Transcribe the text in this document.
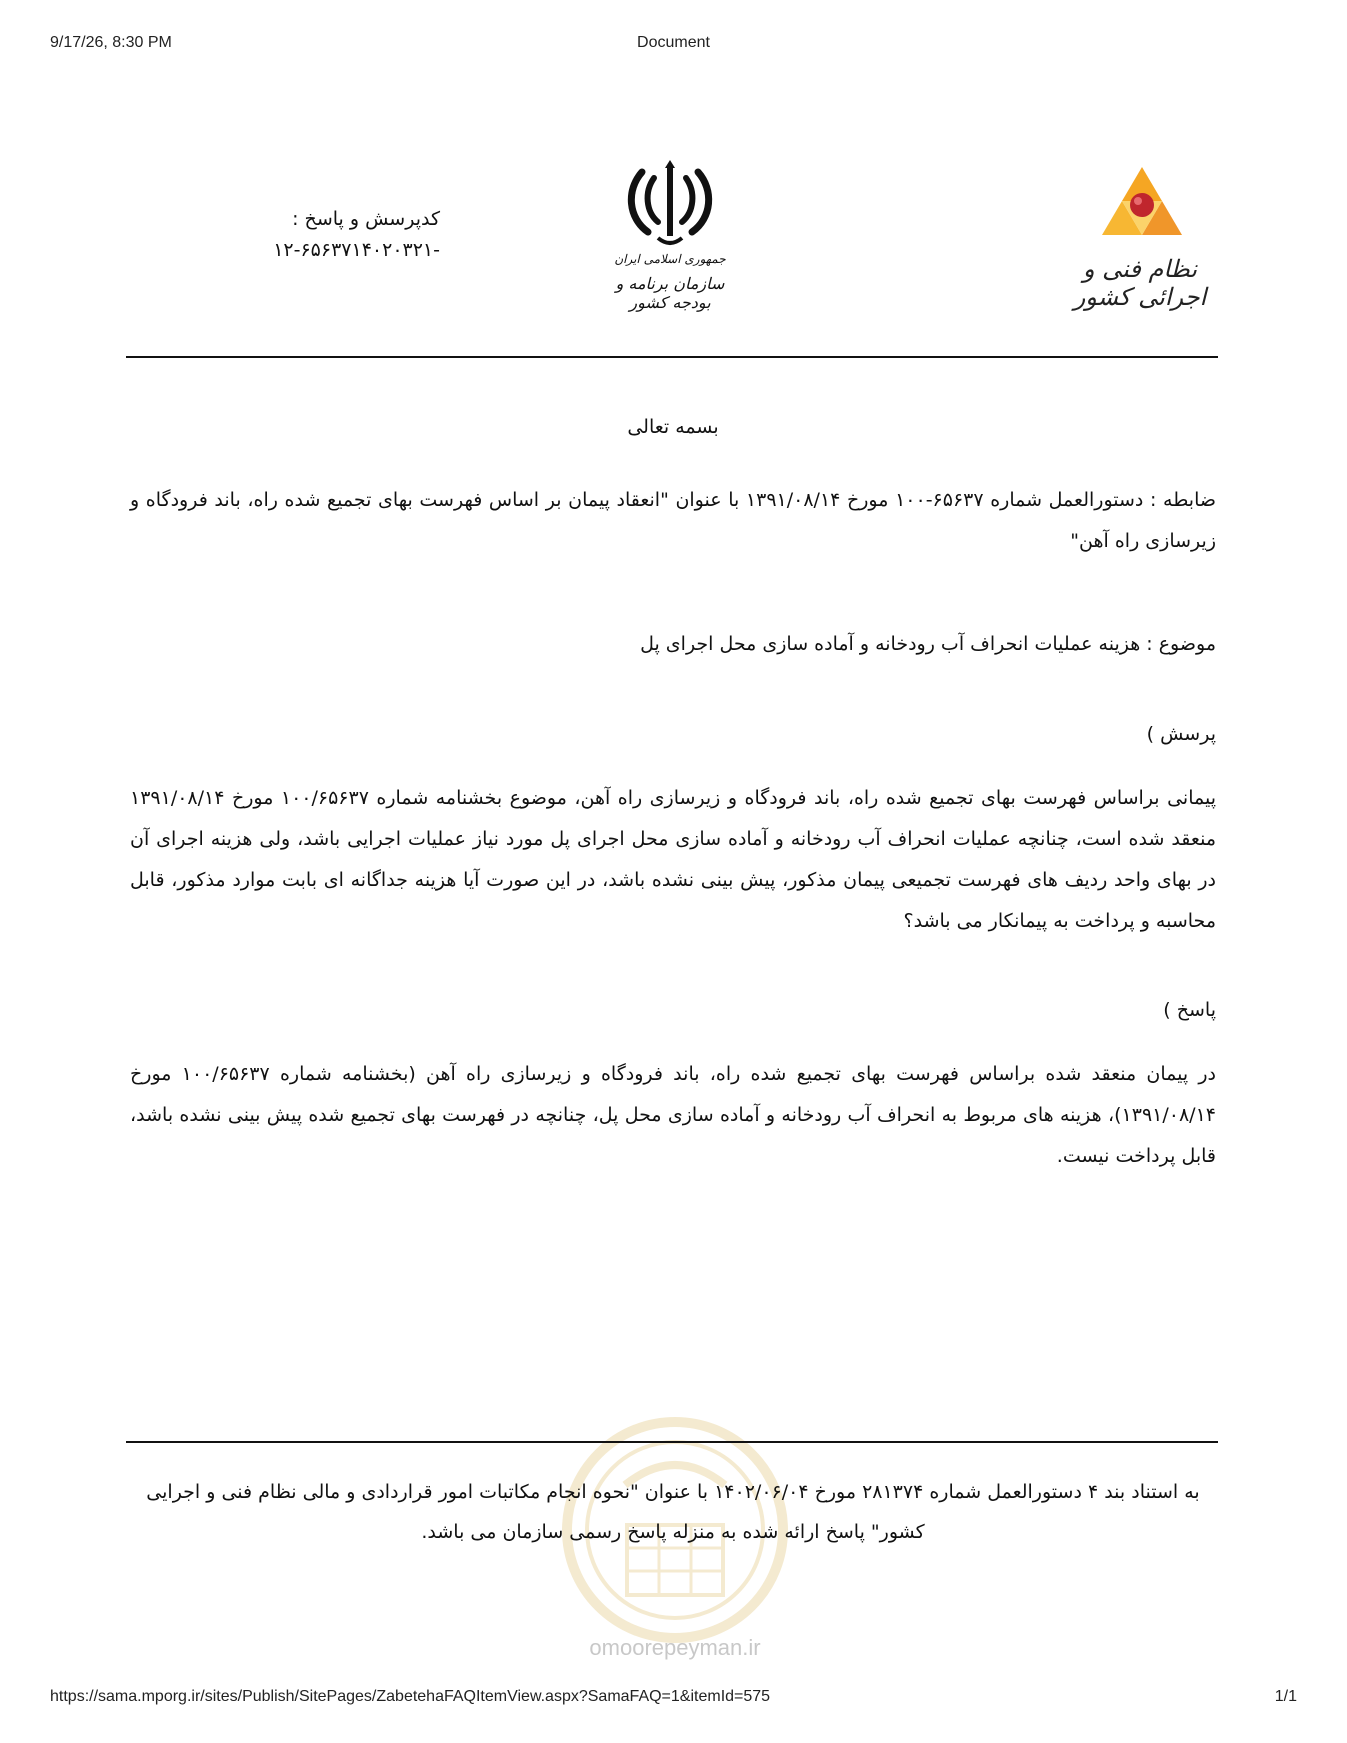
9/17/26, 8:30 PM	Document
نظام فنی و اجرائی کشور
جمهوری اسلامی ایران
سازمان برنامه و بودجه کشور
کدپرسش و پاسخ :
-۱۲-۶۵۶۳۷۱۴۰۲۰۳۲۱
بسمه تعالی
ضابطه : دستورالعمل شماره ۶۵۶۳۷-۱۰۰ مورخ ۱۳۹۱/۰۸/۱۴ با عنوان "انعقاد پیمان بر اساس فهرست بهای تجمیع شده راه، باند فرودگاه و زیرسازی راه آهن"
موضوع : هزینه عملیات انحراف آب رودخانه و آماده سازی محل اجرای پل
پرسش )
پیمانی براساس فهرست بهای تجمیع شده راه، باند فرودگاه و زیرسازی راه آهن، موضوع بخشنامه شماره ۱۰۰/۶۵۶۳۷ مورخ ۱۳۹۱/۰۸/۱۴ منعقد شده است، چنانچه عملیات انحراف آب رودخانه و آماده سازی محل اجرای پل مورد نیاز عملیات اجرایی باشد، ولی هزینه اجرای آن در بهای واحد ردیف های فهرست تجمیعی پیمان مذکور، پیش بینی نشده باشد، در این صورت آیا هزینه جداگانه ای بابت موارد مذکور، قابل محاسبه و پرداخت به پیمانکار می باشد؟
پاسخ )
در پیمان منعقد شده براساس فهرست بهای تجمیع شده راه، باند فرودگاه و زیرسازی راه آهن (بخشنامه شماره ۱۰۰/۶۵۶۳۷ مورخ ۱۳۹۱/۰۸/۱۴)، هزینه های مربوط به انحراف آب رودخانه و آماده سازی محل پل، چنانچه در فهرست بهای تجمیع شده پیش بینی نشده باشد، قابل پرداخت نیست.
omoorepeyman.ir
به استناد بند ۴ دستورالعمل شماره ۲۸۱۳۷۴ مورخ ۱۴۰۲/۰۶/۰۴ با عنوان "نحوه انجام مکاتبات امور قراردادی و مالی نظام فنی و اجرایی کشور" پاسخ ارائه شده به منزله پاسخ رسمی سازمان می باشد.
https://sama.mporg.ir/sites/Publish/SitePages/ZabetehaFAQItemView.aspx?SamaFAQ=1&itemId=575	1/1
